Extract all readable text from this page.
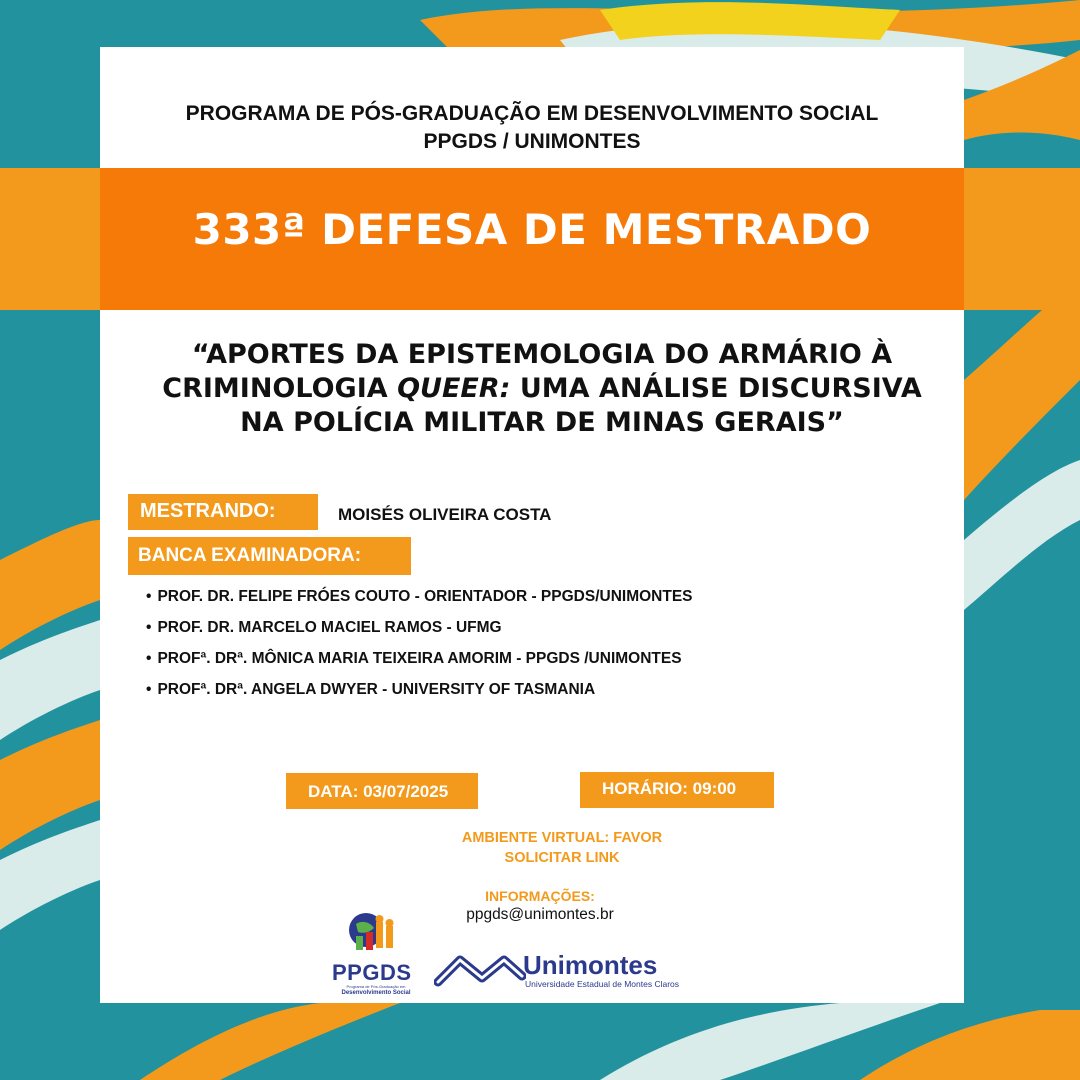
PROGRAMA DE PÓS-GRADUAÇÃO EM DESENVOLVIMENTO SOCIAL
PPGDS / UNIMONTES
333ª DEFESA DE MESTRADO
“APORTES DA EPISTEMOLOGIA DO ARMÁRIO À CRIMINOLOGIA QUEER: UMA ANÁLISE DISCURSIVA NA POLÍCIA MILITAR DE MINAS GERAIS”
MESTRANDO:	MOISÉS OLIVEIRA COSTA
BANCA EXAMINADORA:
• PROF. DR. FELIPE FRÓES COUTO - ORIENTADOR - PPGDS/UNIMONTES
• PROF. DR. MARCELO MACIEL RAMOS - UFMG
• PROFª. DRª. MÔNICA MARIA TEIXEIRA AMORIM - PPGDS /UNIMONTES
• PROFª. DRª. ANGELA DWYER - UNIVERSITY OF TASMANIA
DATA: 03/07/2025	HORÁRIO: 09:00
AMBIENTE VIRTUAL: FAVOR
SOLICITAR LINK
INFORMAÇÕES:
ppgds@unimontes.br
PPGDS
Programa de Pós-Graduação em
Desenvolvimento Social
Unimontes
Universidade Estadual de Montes Claros
